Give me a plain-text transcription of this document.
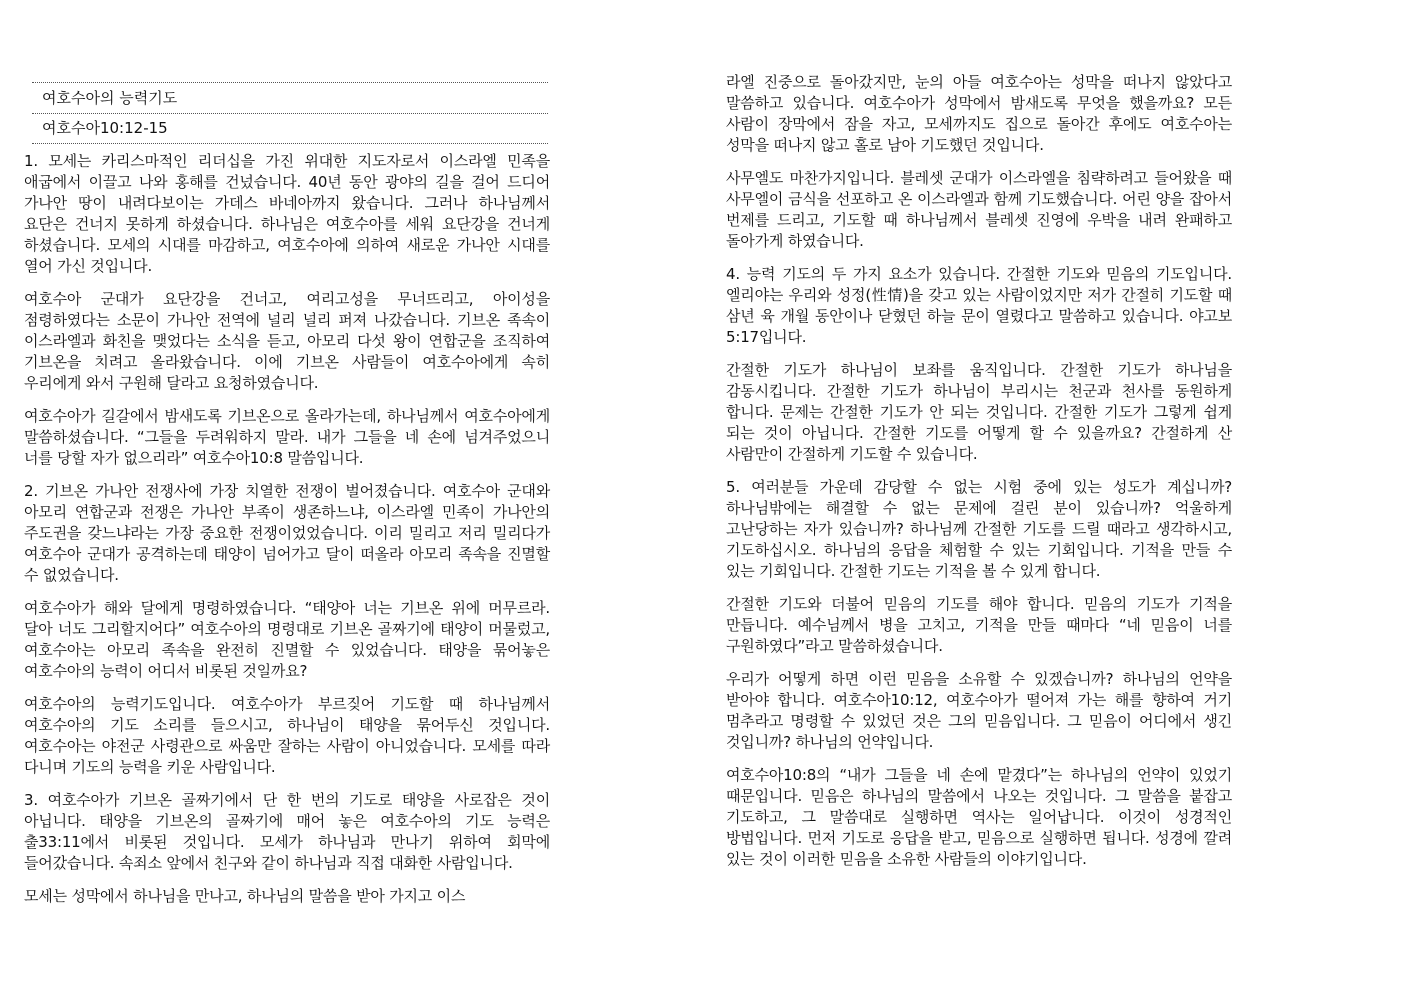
여호수아의 능력기도
여호수아10:12-15

1. 모세는 카리스마적인 리더십을 가진 위대한 지도자로서 이스라엘 민족을 애굽에서 이끌고 나와 홍해를 건넜습니다. 40년 동안 광야의 길을 걸어 드디어 가나안 땅이 내려다보이는 가데스 바네아까지 왔습니다. 그러나 하나님께서 요단은 건너지 못하게 하셨습니다. 하나님은 여호수아를 세워 요단강을 건너게 하셨습니다. 모세의 시대를 마감하고, 여호수아에 의하여 새로운 가나안 시대를 열어 가신 것입니다.

여호수아 군대가 요단강을 건너고, 여리고성을 무너뜨리고, 아이성을 점령하였다는 소문이 가나안 전역에 널리 널리 퍼져 나갔습니다. 기브온 족속이 이스라엘과 화친을 맺었다는 소식을 듣고, 아모리 다섯 왕이 연합군을 조직하여 기브온을 치려고 올라왔습니다. 이에 기브온 사람들이 여호수아에게 속히 우리에게 와서 구원해 달라고 요청하였습니다.

여호수아가 길갈에서 밤새도록 기브온으로 올라가는데, 하나님께서 여호수아에게 말씀하셨습니다. “그들을 두려워하지 말라. 내가 그들을 네 손에 넘겨주었으니 너를 당할 자가 없으리라” 여호수아10:8 말씀입니다.

2. 기브온 가나안 전쟁사에 가장 치열한 전쟁이 벌어졌습니다. 여호수아 군대와 아모리 연합군과 전쟁은 가나안 부족이 생존하느냐, 이스라엘 민족이 가나안의 주도권을 갖느냐라는 가장 중요한 전쟁이었었습니다. 이리 밀리고 저리 밀리다가 여호수아 군대가 공격하는데 태양이 넘어가고 달이 떠올라 아모리 족속을 진멸할 수 없었습니다.

여호수아가 해와 달에게 명령하였습니다. “태양아 너는 기브온 위에 머무르라. 달아 너도 그리할지어다” 여호수아의 명령대로 기브온 골짜기에 태양이 머물렀고, 여호수아는 아모리 족속을 완전히 진멸할 수 있었습니다. 태양을 묶어놓은 여호수아의 능력이 어디서 비롯된 것일까요?

여호수아의 능력기도입니다. 여호수아가 부르짖어 기도할 때 하나님께서 여호수아의 기도 소리를 들으시고, 하나님이 태양을 묶어두신 것입니다. 여호수아는 야전군 사령관으로 싸움만 잘하는 사람이 아니었습니다. 모세를 따라 다니며 기도의 능력을 키운 사람입니다.

3. 여호수아가 기브온 골짜기에서 단 한 번의 기도로 태양을 사로잡은 것이 아닙니다. 태양을 기브온의 골짜기에 매어 놓은 여호수아의 기도 능력은 출33:11에서 비롯된 것입니다. 모세가 하나님과 만나기 위하여 회막에 들어갔습니다. 속죄소 앞에서 친구와 같이 하나님과 직접 대화한 사람입니다.

모세는 성막에서 하나님을 만나고, 하나님의 말씀을 받아 가지고 이스

라엘 진중으로 돌아갔지만, 눈의 아들 여호수아는 성막을 떠나지 않았다고 말씀하고 있습니다. 여호수아가 성막에서 밤새도록 무엇을 했을까요? 모든 사람이 장막에서 잠을 자고, 모세까지도 집으로 돌아간 후에도 여호수아는 성막을 떠나지 않고 홀로 남아 기도했던 것입니다.

사무엘도 마찬가지입니다. 블레셋 군대가 이스라엘을 침략하려고 들어왔을 때 사무엘이 금식을 선포하고 온 이스라엘과 함께 기도했습니다. 어린 양을 잡아서 번제를 드리고, 기도할 때 하나님께서 블레셋 진영에 우박을 내려 완패하고 돌아가게 하였습니다.

4. 능력 기도의 두 가지 요소가 있습니다. 간절한 기도와 믿음의 기도입니다. 엘리야는 우리와 성정(性情)을 갖고 있는 사람이었지만 저가 간절히 기도할 때 삼년 육 개월 동안이나 닫혔던 하늘 문이 열렸다고 말씀하고 있습니다. 야고보 5:17입니다.

간절한 기도가 하나님이 보좌를 움직입니다. 간절한 기도가 하나님을 감동시킵니다. 간절한 기도가 하나님이 부리시는 천군과 천사를 동원하게 합니다. 문제는 간절한 기도가 안 되는 것입니다. 간절한 기도가 그렇게 쉽게 되는 것이 아닙니다. 간절한 기도를 어떻게 할 수 있을까요? 간절하게 산 사람만이 간절하게 기도할 수 있습니다.

5. 여러분들 가운데 감당할 수 없는 시험 중에 있는 성도가 계십니까? 하나님밖에는 해결할 수 없는 문제에 걸린 분이 있습니까? 억울하게 고난당하는 자가 있습니까? 하나님께 간절한 기도를 드릴 때라고 생각하시고, 기도하십시오. 하나님의 응답을 체험할 수 있는 기회입니다. 기적을 만들 수 있는 기회입니다. 간절한 기도는 기적을 볼 수 있게 합니다.

간절한 기도와 더불어 믿음의 기도를 해야 합니다. 믿음의 기도가 기적을 만듭니다. 예수님께서 병을 고치고, 기적을 만들 때마다 “네 믿음이 너를 구원하였다”라고 말씀하셨습니다.

우리가 어떻게 하면 이런 믿음을 소유할 수 있겠습니까? 하나님의 언약을 받아야 합니다. 여호수아10:12, 여호수아가 떨어져 가는 해를 향하여 거기 멈추라고 명령할 수 있었던 것은 그의 믿음입니다. 그 믿음이 어디에서 생긴 것입니까? 하나님의 언약입니다.

여호수아10:8의 “내가 그들을 네 손에 맡겼다”는 하나님의 언약이 있었기 때문입니다. 믿음은 하나님의 말씀에서 나오는 것입니다. 그 말씀을 붙잡고 기도하고, 그 말씀대로 실행하면 역사는 일어납니다. 이것이 성경적인 방법입니다. 먼저 기도로 응답을 받고, 믿음으로 실행하면 됩니다. 성경에 깔려 있는 것이 이러한 믿음을 소유한 사람들의 이야기입니다.
